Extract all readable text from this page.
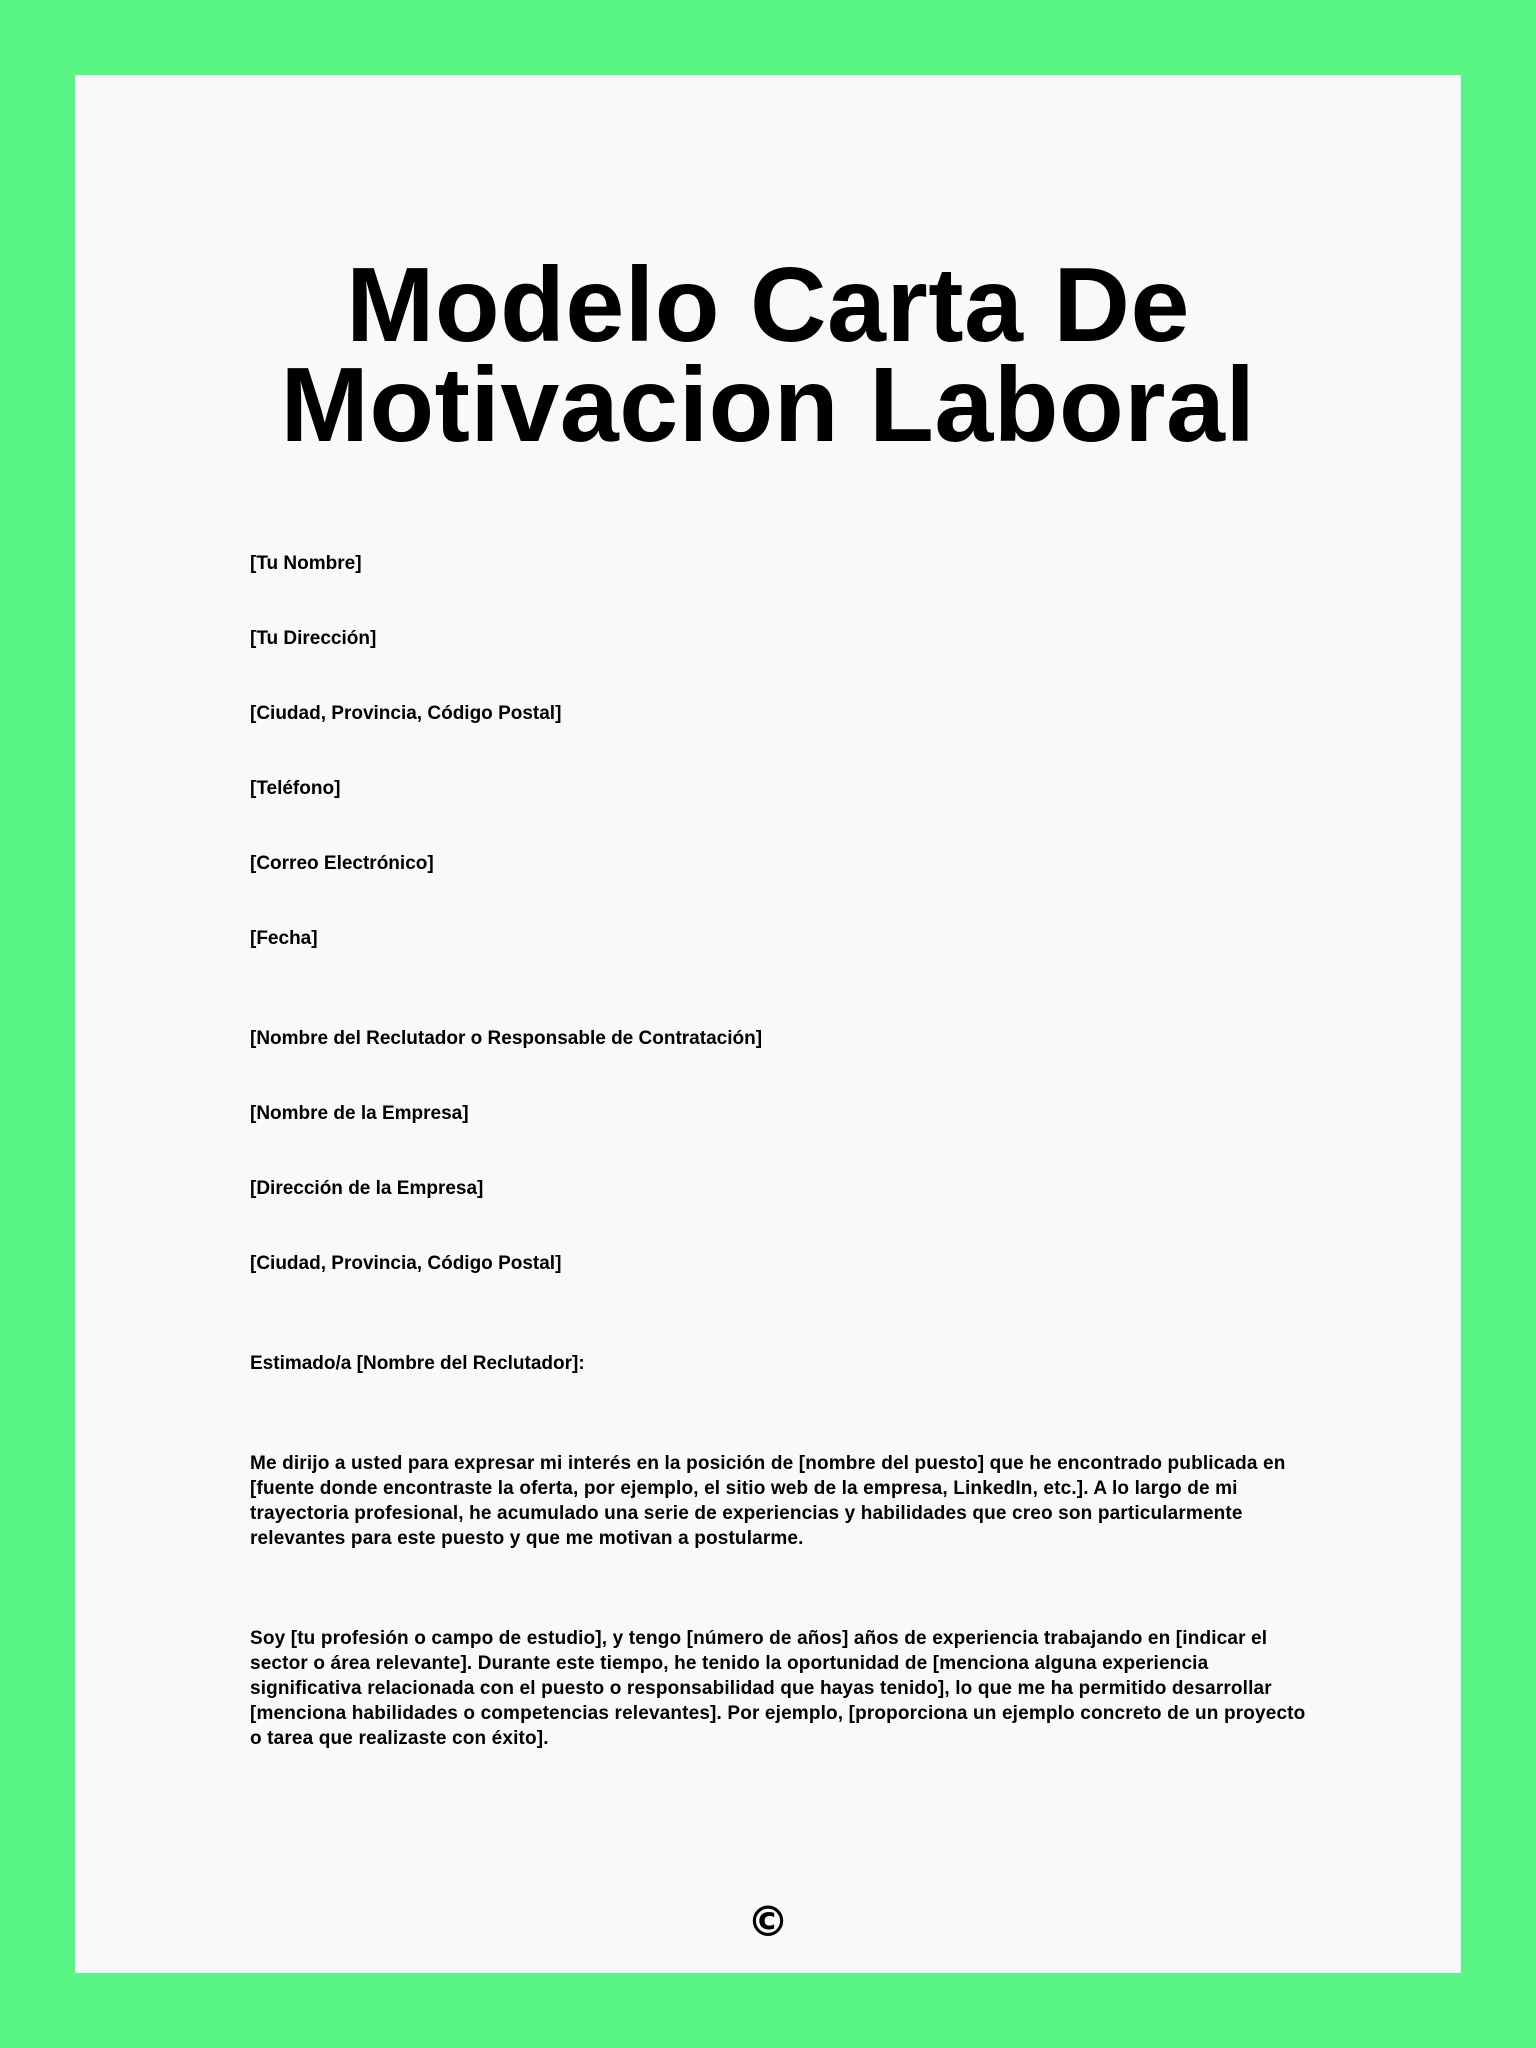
Modelo Carta De Motivacion Laboral

[Tu Nombre]

[Tu Dirección]

[Ciudad, Provincia, Código Postal]

[Teléfono]

[Correo Electrónico]

[Fecha]

[Nombre del Reclutador o Responsable de Contratación]

[Nombre de la Empresa]

[Dirección de la Empresa]

[Ciudad, Provincia, Código Postal]

Estimado/a [Nombre del Reclutador]:

Me dirijo a usted para expresar mi interés en la posición de [nombre del puesto] que he encontrado publicada en [fuente donde encontraste la oferta, por ejemplo, el sitio web de la empresa, LinkedIn, etc.]. A lo largo de mi trayectoria profesional, he acumulado una serie de experiencias y habilidades que creo son particularmente relevantes para este puesto y que me motivan a postularme.

Soy [tu profesión o campo de estudio], y tengo [número de años] años de experiencia trabajando en [indicar el sector o área relevante]. Durante este tiempo, he tenido la oportunidad de [menciona alguna experiencia significativa relacionada con el puesto o responsabilidad que hayas tenido], lo que me ha permitido desarrollar [menciona habilidades o competencias relevantes]. Por ejemplo, [proporciona un ejemplo concreto de un proyecto o tarea que realizaste con éxito].

©
